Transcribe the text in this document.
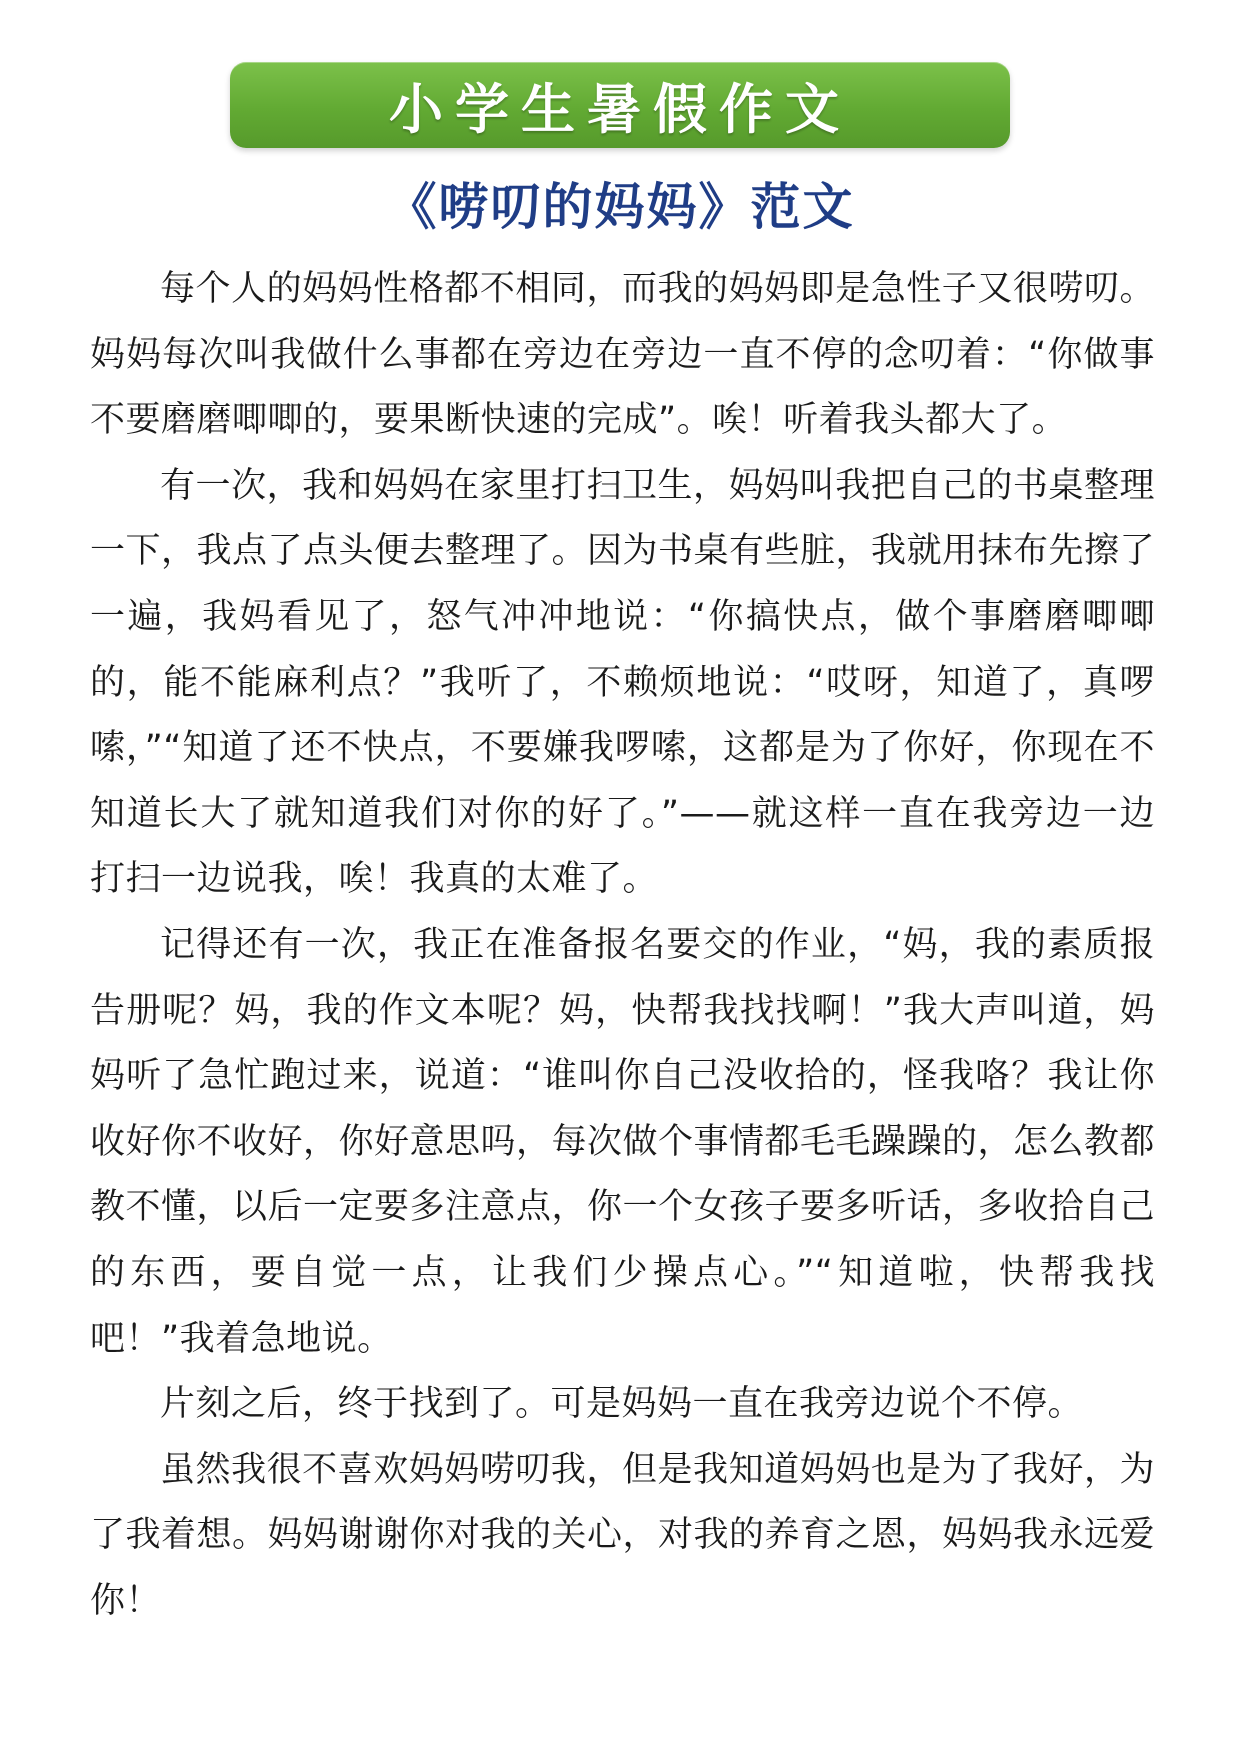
小学生暑假作文
《唠叨的妈妈》范文

每个人的妈妈性格都不相同，而我的妈妈即是急性子又很唠叨。妈妈每次叫我做什么事都在旁边在旁边一直不停的念叨着：“你做事不要磨磨唧唧的，要果断快速的完成”。唉！听着我头都大了。

有一次，我和妈妈在家里打扫卫生，妈妈叫我把自己的书桌整理一下，我点了点头便去整理了。因为书桌有些脏，我就用抹布先擦了一遍，我妈看见了，怒气冲冲地说：“你搞快点，做个事磨磨唧唧的，能不能麻利点？”我听了，不赖烦地说：“哎呀，知道了，真啰嗦，”“知道了还不快点，不要嫌我啰嗦，这都是为了你好，你现在不知道长大了就知道我们对你的好了。”——就这样一直在我旁边一边打扫一边说我，唉！我真的太难了。

记得还有一次，我正在准备报名要交的作业，“妈，我的素质报告册呢？妈，我的作文本呢？妈，快帮我找找啊！”我大声叫道，妈妈听了急忙跑过来，说道：“谁叫你自己没收拾的，怪我咯？我让你收好你不收好，你好意思吗，每次做个事情都毛毛躁躁的，怎么教都教不懂，以后一定要多注意点，你一个女孩子要多听话，多收拾自己的东西，要自觉一点，让我们少操点心。”“知道啦，快帮我找吧！”我着急地说。

片刻之后，终于找到了。可是妈妈一直在我旁边说个不停。

虽然我很不喜欢妈妈唠叨我，但是我知道妈妈也是为了我好，为了我着想。妈妈谢谢你对我的关心，对我的养育之恩，妈妈我永远爱你！
